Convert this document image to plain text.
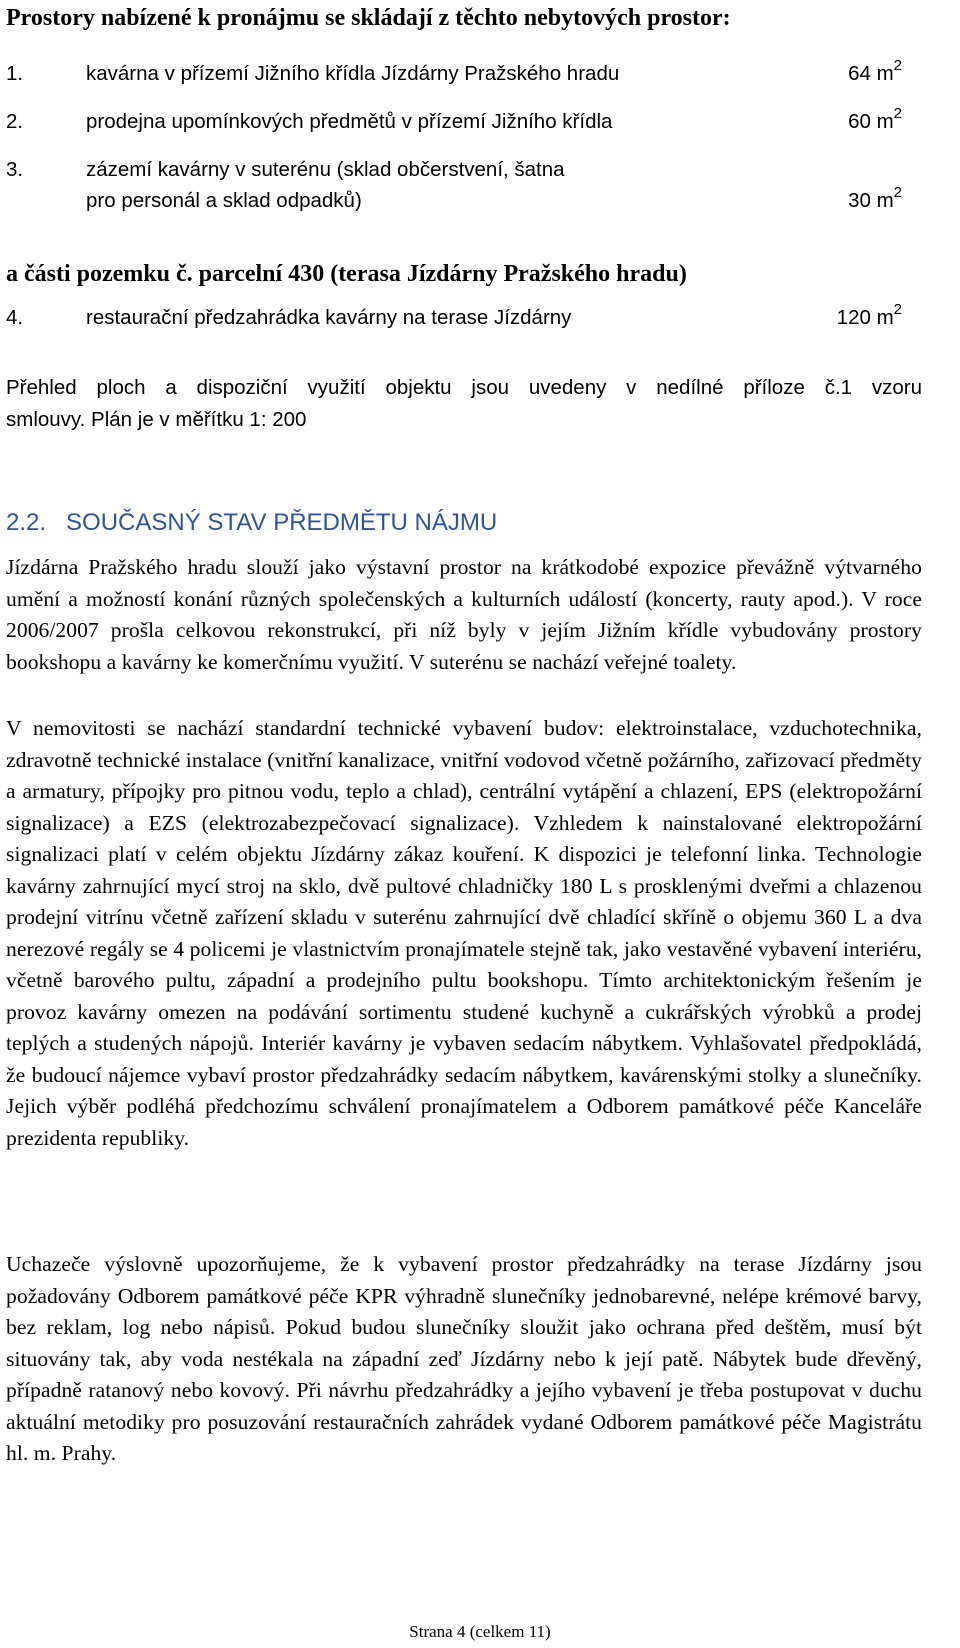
Prostory nabízené k pronájmu se skládají z těchto nebytových prostor:
1.	kavárna v přízemí Jižního křídla Jízdárny Pražského hradu	64 $m^2$
2.	prodejna upomínkových předmětů v přízemí Jižního křídla	60 $m^2$
3.	zázemí kavárny v suterénu (sklad občerstvení, šatna
pro personál a sklad odpadků)	30 $m^2$
a části pozemku č. parcelní 430 (terasa Jízdárny Pražského hradu)
4.	restaurační předzahrádka kavárny na terase Jízdárny	120 $m^2$
Přehled ploch a dispoziční využití objektu jsou uvedeny v nedílné příloze č.1 vzoru
smlouvy. Plán je v měřítku 1: 200
2.2.   SOUČASNÝ STAV PŘEDMĚTU NÁJMU
Jízdárna Pražského hradu slouží jako výstavní prostor na krátkodobé expozice převážně výtvarného umění a možností konání různých společenských a kulturních událostí (koncerty, rauty apod.). V roce 2006/2007 prošla celkovou rekonstrukcí, při níž byly v jejím Jižním křídle vybudovány prostory bookshopu a kavárny ke komerčnímu využití. V suterénu se nachází veřejné toalety.
V nemovitosti se nachází standardní technické vybavení budov: elektroinstalace, vzduchotechnika, zdravotně technické instalace (vnitřní kanalizace, vnitřní vodovod včetně požárního, zařizovací předměty a armatury, přípojky pro pitnou vodu, teplo a chlad), centrální vytápění a chlazení, EPS (elektropožární signalizace) a EZS (elektrozabezpečovací signalizace). Vzhledem k nainstalované elektropožární signalizaci platí v celém objektu Jízdárny zákaz kouření. K dispozici je telefonní linka. Technologie kavárny zahrnující mycí stroj na sklo, dvě pultové chladničky 180 L s prosklenými dveřmi a chlazenou prodejní vitrínu včetně zařízení skladu v suterénu zahrnující dvě chladící skříně o objemu 360 L a dva nerezové regály se 4 policemi je vlastnictvím pronajímatele stejně tak, jako vestavěné vybavení interiéru, včetně barového pultu, západní a prodejního pultu bookshopu. Tímto architektonickým řešením je provoz kavárny omezen na podávání sortimentu studené kuchyně a cukrářských výrobků a prodej teplých a studených nápojů. Interiér kavárny je vybaven sedacím nábytkem. Vyhlašovatel předpokládá, že budoucí nájemce vybaví prostor předzahrádky sedacím nábytkem, kavárenskými stolky a slunečníky. Jejich výběr podléhá předchozímu schválení pronajímatelem a Odborem památkové péče Kanceláře prezidenta republiky.
Uchazeče výslovně upozorňujeme, že k vybavení prostor předzahrádky na terase Jízdárny jsou požadovány Odborem památkové péče KPR výhradně slunečníky jednobarevné, nelépe krémové barvy, bez reklam, log nebo nápisů. Pokud budou slunečníky sloužit jako ochrana před deštěm, musí být situovány tak, aby voda nestékala na západní zeď Jízdárny nebo k její patě. Nábytek bude dřevěný, případně ratanový nebo kovový. Při návrhu předzahrádky a jejího vybavení je třeba postupovat v duchu aktuální metodiky pro posuzování restauračních zahrádek vydané Odborem památkové péče Magistrátu hl. m. Prahy.
Strana 4 (celkem 11)
